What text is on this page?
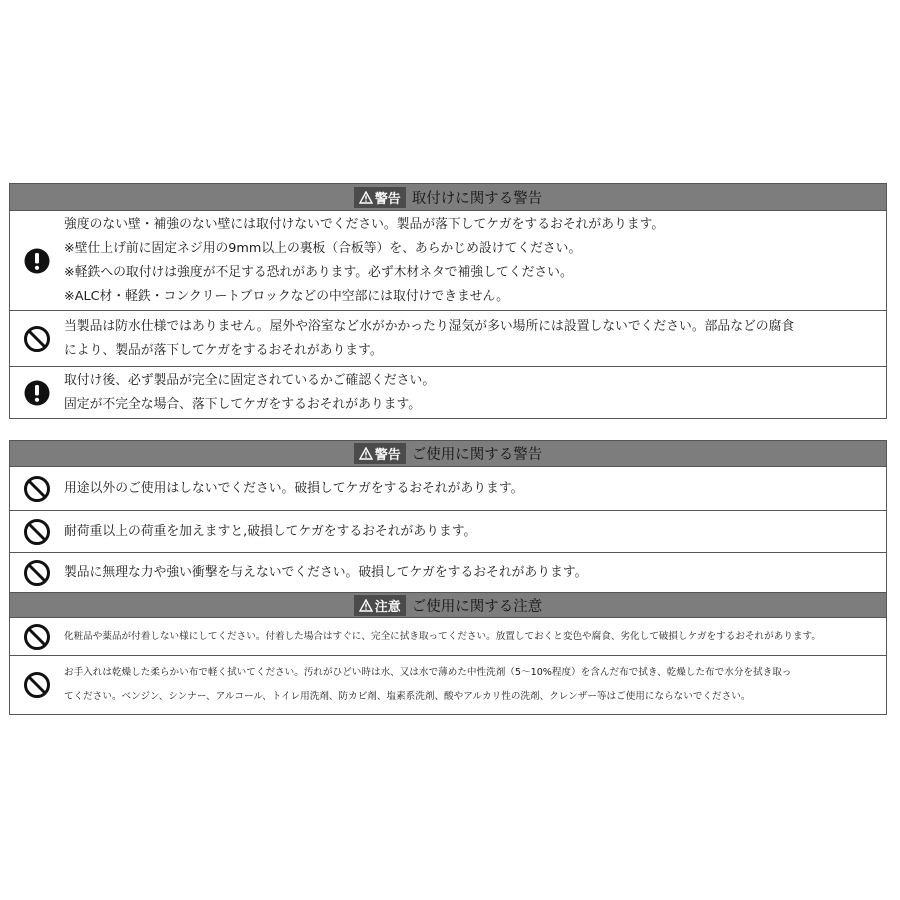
警告 取付けに関する警告
強度のない壁・補強のない壁には取付けないでください。製品が落下してケガをするおそれがあります。
※壁仕上げ前に固定ネジ用の9mm以上の裏板（合板等）を、あらかじめ設けてください。
※軽鉄への取付けは強度が不足する恐れがあります。必ず木材ネタで補強してください。
※ALC材・軽鉄・コンクリートブロックなどの中空部には取付けできません。
当製品は防水仕様ではありません。屋外や浴室など水がかかったり湿気が多い場所には設置しないでください。部品などの腐食
により、製品が落下してケガをするおそれがあります。
取付け後、必ず製品が完全に固定されているかご確認ください。
固定が不完全な場合、落下してケガをするおそれがあります。
警告 ご使用に関する警告
用途以外のご使用はしないでください。破損してケガをするおそれがあります。
耐荷重以上の荷重を加えますと,破損してケガをするおそれがあります。
製品に無理な力や強い衝撃を与えないでください。破損してケガをするおそれがあります。
注意 ご使用に関する注意
化粧品や薬品が付着しない様にしてください。付着した場合はすぐに、完全に拭き取ってください。放置しておくと変色や腐食、劣化して破損しケガをするおそれがあります。
お手入れは乾燥した柔らかい布で軽く拭いてください。汚れがひどい時は水、又は水で薄めた中性洗剤（5～10%程度）を含んだ布で拭き、乾燥した布で水分を拭き取っ
てください。ベンジン、シンナー、アルコール、トイレ用洗剤、防カビ剤、塩素系洗剤、酸やアルカリ性の洗剤、クレンザー等はご使用にならないでください。
